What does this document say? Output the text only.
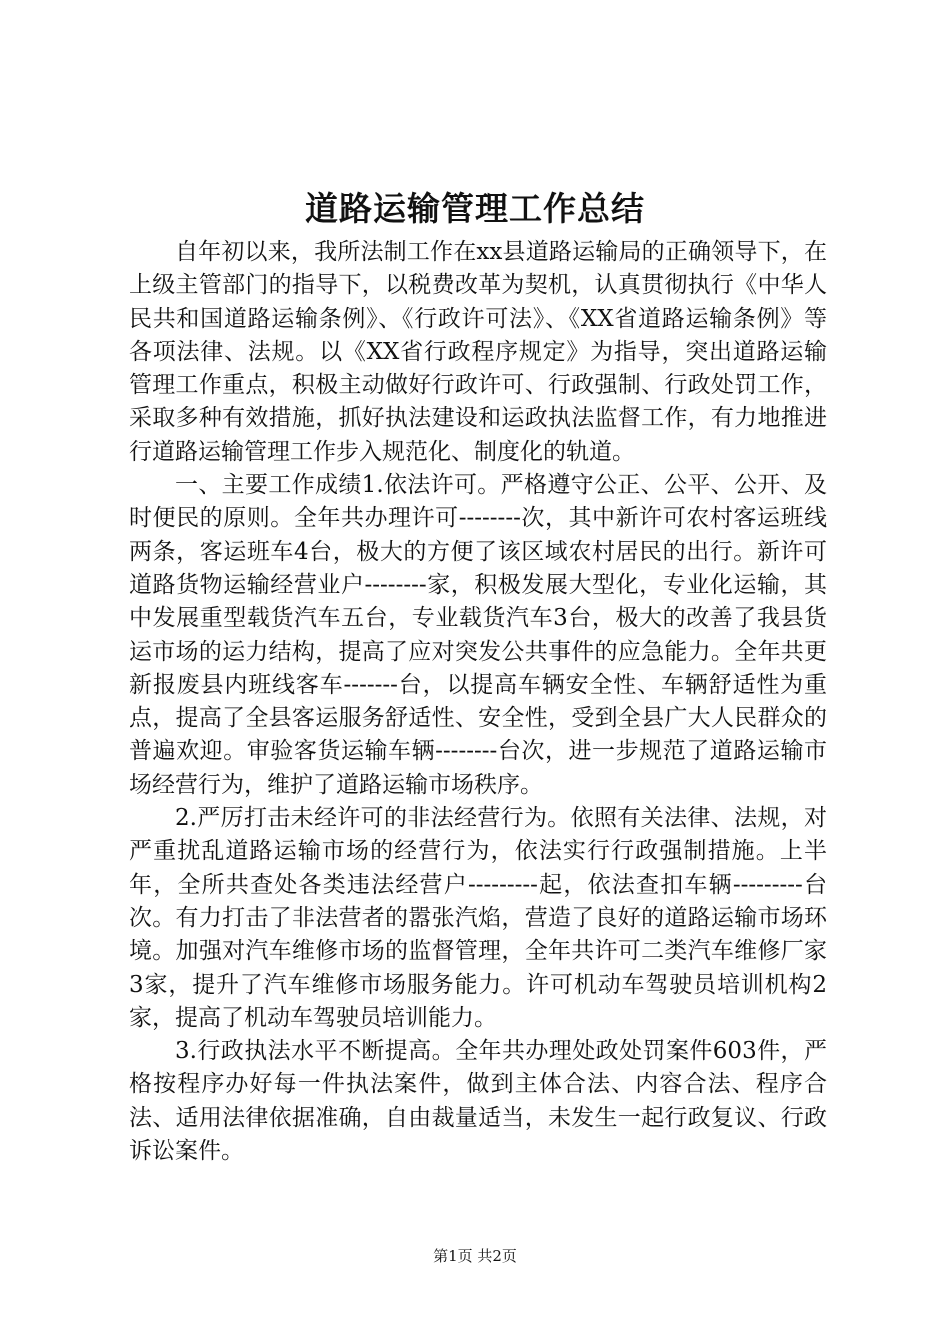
道路运输管理工作总结

自年初以来，我所法制工作在xx县道路运输局的正确领导下，在上级主管部门的指导下，以税费改革为契机，认真贯彻执行《中华人民共和国道路运输条例》、《行政许可法》、《XX省道路运输条例》等各项法律、法规。以《XX省行政程序规定》为指导，突出道路运输管理工作重点，积极主动做好行政许可、行政强制、行政处罚工作，采取多种有效措施，抓好执法建设和运政执法监督工作，有力地推进行道路运输管理工作步入规范化、制度化的轨道。

一、主要工作成绩1.依法许可。严格遵守公正、公平、公开、及时便民的原则。全年共办理许可--------次，其中新许可农村客运班线两条，客运班车4台，极大的方便了该区域农村居民的出行。新许可道路货物运输经营业户--------家，积极发展大型化，专业化运输，其中发展重型载货汽车五台，专业载货汽车3台，极大的改善了我县货运市场的运力结构，提高了应对突发公共事件的应急能力。全年共更新报废县内班线客车-------台，以提高车辆安全性、车辆舒适性为重点，提高了全县客运服务舒适性、安全性，受到全县广大人民群众的普遍欢迎。审验客货运输车辆--------台次，进一步规范了道路运输市场经营行为，维护了道路运输市场秩序。

2.严厉打击未经许可的非法经营行为。依照有关法律、法规，对严重扰乱道路运输市场的经营行为，依法实行行政强制措施。上半年，全所共查处各类违法经营户---------起，依法查扣车辆---------台次。有力打击了非法营者的嚣张汽焰，营造了良好的道路运输市场环境。加强对汽车维修市场的监督管理，全年共许可二类汽车维修厂家3家，提升了汽车维修市场服务能力。许可机动车驾驶员培训机构2家，提高了机动车驾驶员培训能力。

3.行政执法水平不断提高。全年共办理处政处罚案件603件，严格按程序办好每一件执法案件，做到主体合法、内容合法、程序合法、适用法律依据准确，自由裁量适当，未发生一起行政复议、行政诉讼案件。

第1页 共2页
